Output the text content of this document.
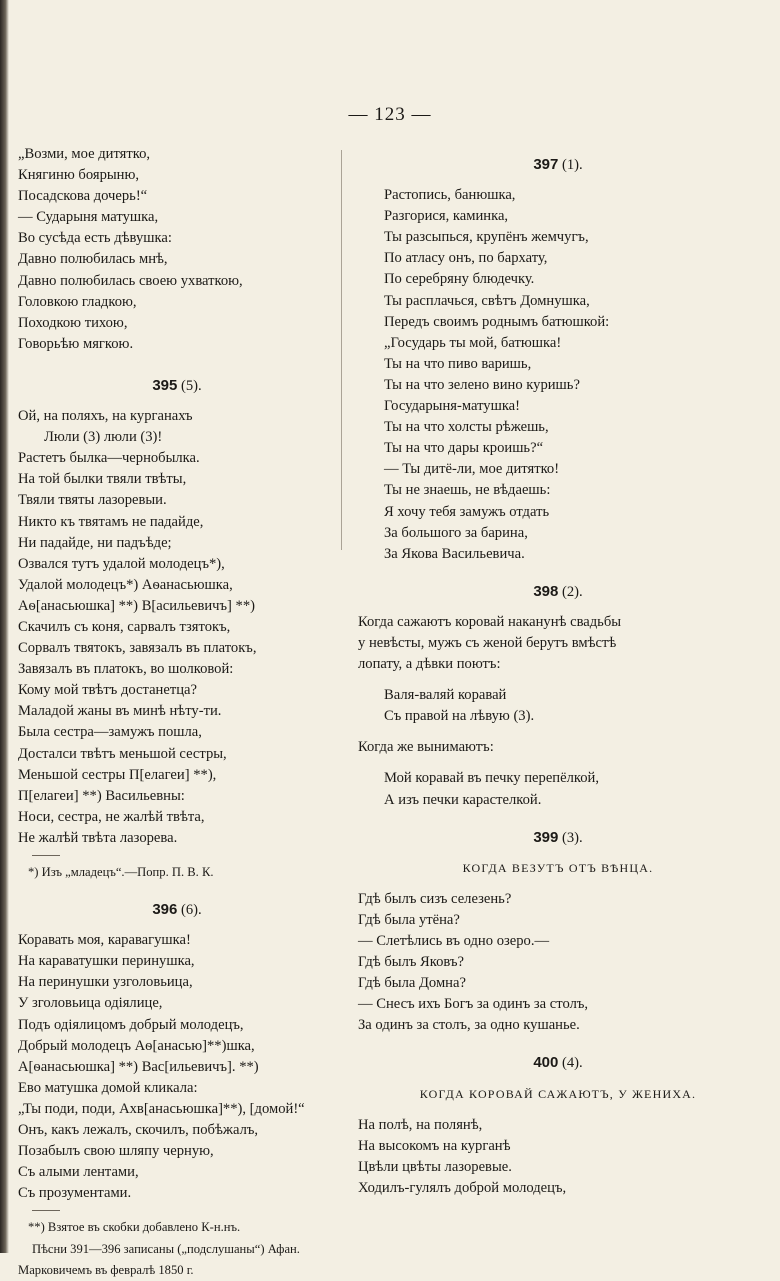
— 123 —
„Возми, мое дитятко,
Княгиню боярыню,
Посадскова дочерь!“
— Сударыня матушка,
Во сусѣда есть дѣвушка:
Давно полюбилась мнѣ,
Давно полюбилась своею ухваткою,
Головкою гладкою,
Походкою тихою,
Говорьѣю мягкою.
395 (5).
Ой, на поляхъ, на курганахъ
Люли (3) люли (3)!
Растетъ былка—чернобылка.
На той былки твяли твѣты,
Твяли твяты лазоревыи.
Никто къ твятамъ не падайде,
Ни падайде, ни падъѣде;
Озвался тутъ удалой молодецъ*),
Удалой молодецъ*) Аѳанасьюшка,
Аѳ[анасьюшка] **) В[асильевичъ] **)
Скачилъ съ коня, сарвалъ тзятокъ,
Сорвалъ твятокъ, завязалъ въ платокъ,
Завязалъ въ платокъ, во шолковой:
Кому мой твѣтъ достанетца?
Маладой жаны въ минѣ нѣту-ти.
Была сестра—замужъ пошла,
Досталси твѣтъ меньшой сестры,
Меньшой сестры П[елагеи] **),
П[елагеи] **) Васильевны:
Носи, сестра, не жалѣй твѣта,
Не жалѣй твѣта лазорева.
*) Изъ „младецъ“.—Попр. П. В. К.
396 (6).
Коравать моя, каравагушка!
На караватушки перинушка,
На перинушки узголовьица,
У зголовьица одіялице,
Подъ одіялицомъ добрый молодецъ,
Добрый молодецъ Аѳ[анасью]**)шка,
А[ѳанасьюшка] **) Вас[ильевичъ]. **)
Ево матушка домой кликала:
„Ты поди, поди, Ахв[анасьюшка]**), [домой!“
Онъ, какъ лежалъ, скочилъ, побѣжалъ,
Позабылъ свою шляпу черную,
Съ алыми лентами,
Съ прозументами.
**) Взятое въ скобки добавлено К-н.нъ.
Пѣсни 391—396 записаны („подслушаны“) Афан.
Марковичемъ въ февралѣ 1850 г.
397 (1).
Растопись, банюшка,
Разгорися, каминка,
Ты разсыпься, крупёнъ жемчугъ,
По атласу онъ, по бархату,
По серебряну блюдечку.
Ты расплачься, свѣтъ Домнушка,
Передъ своимъ роднымъ батюшкой:
„Государь ты мой, батюшка!
Ты на что пиво варишь,
Ты на что зелено вино куришь?
Государыня-матушка!
Ты на что холсты рѣжешь,
Ты на что дары кроишь?“
— Ты дитё-ли, мое дитятко!
Ты не знаешь, не вѣдаешь:
Я хочу тебя замужъ отдать
За большого за барина,
За Якова Васильевича.
398 (2).
Когда сажаютъ коровай наканунѣ свадьбы
у невѣсты, мужъ съ женой берутъ вмѣстѣ
лопату, а дѣвки поютъ:
Валя-валяй коравай
Съ правой на лѣвую (3).
Когда же вынимаютъ:
Мой коравай въ печку перепёлкой,
А изъ печки карастелкой.
399 (3).
КОГДА ВЕЗУТЪ ОТЪ ВѢНЦА.
Гдѣ былъ сизъ селезень?
Гдѣ была утёна?
— Слетѣлись въ одно озеро.—
Гдѣ былъ Яковъ?
Гдѣ была Домна?
— Снесъ ихъ Богъ за одинъ за столъ,
За одинъ за столъ, за одно кушанье.
400 (4).
КОГДА КОРОВАЙ САЖАЮТЪ, У ЖЕНИХА.
На полѣ, на полянѣ,
На высокомъ на курганѣ
Цвѣли цвѣты лазоревые.
Ходилъ-гулялъ доброй молодецъ,
